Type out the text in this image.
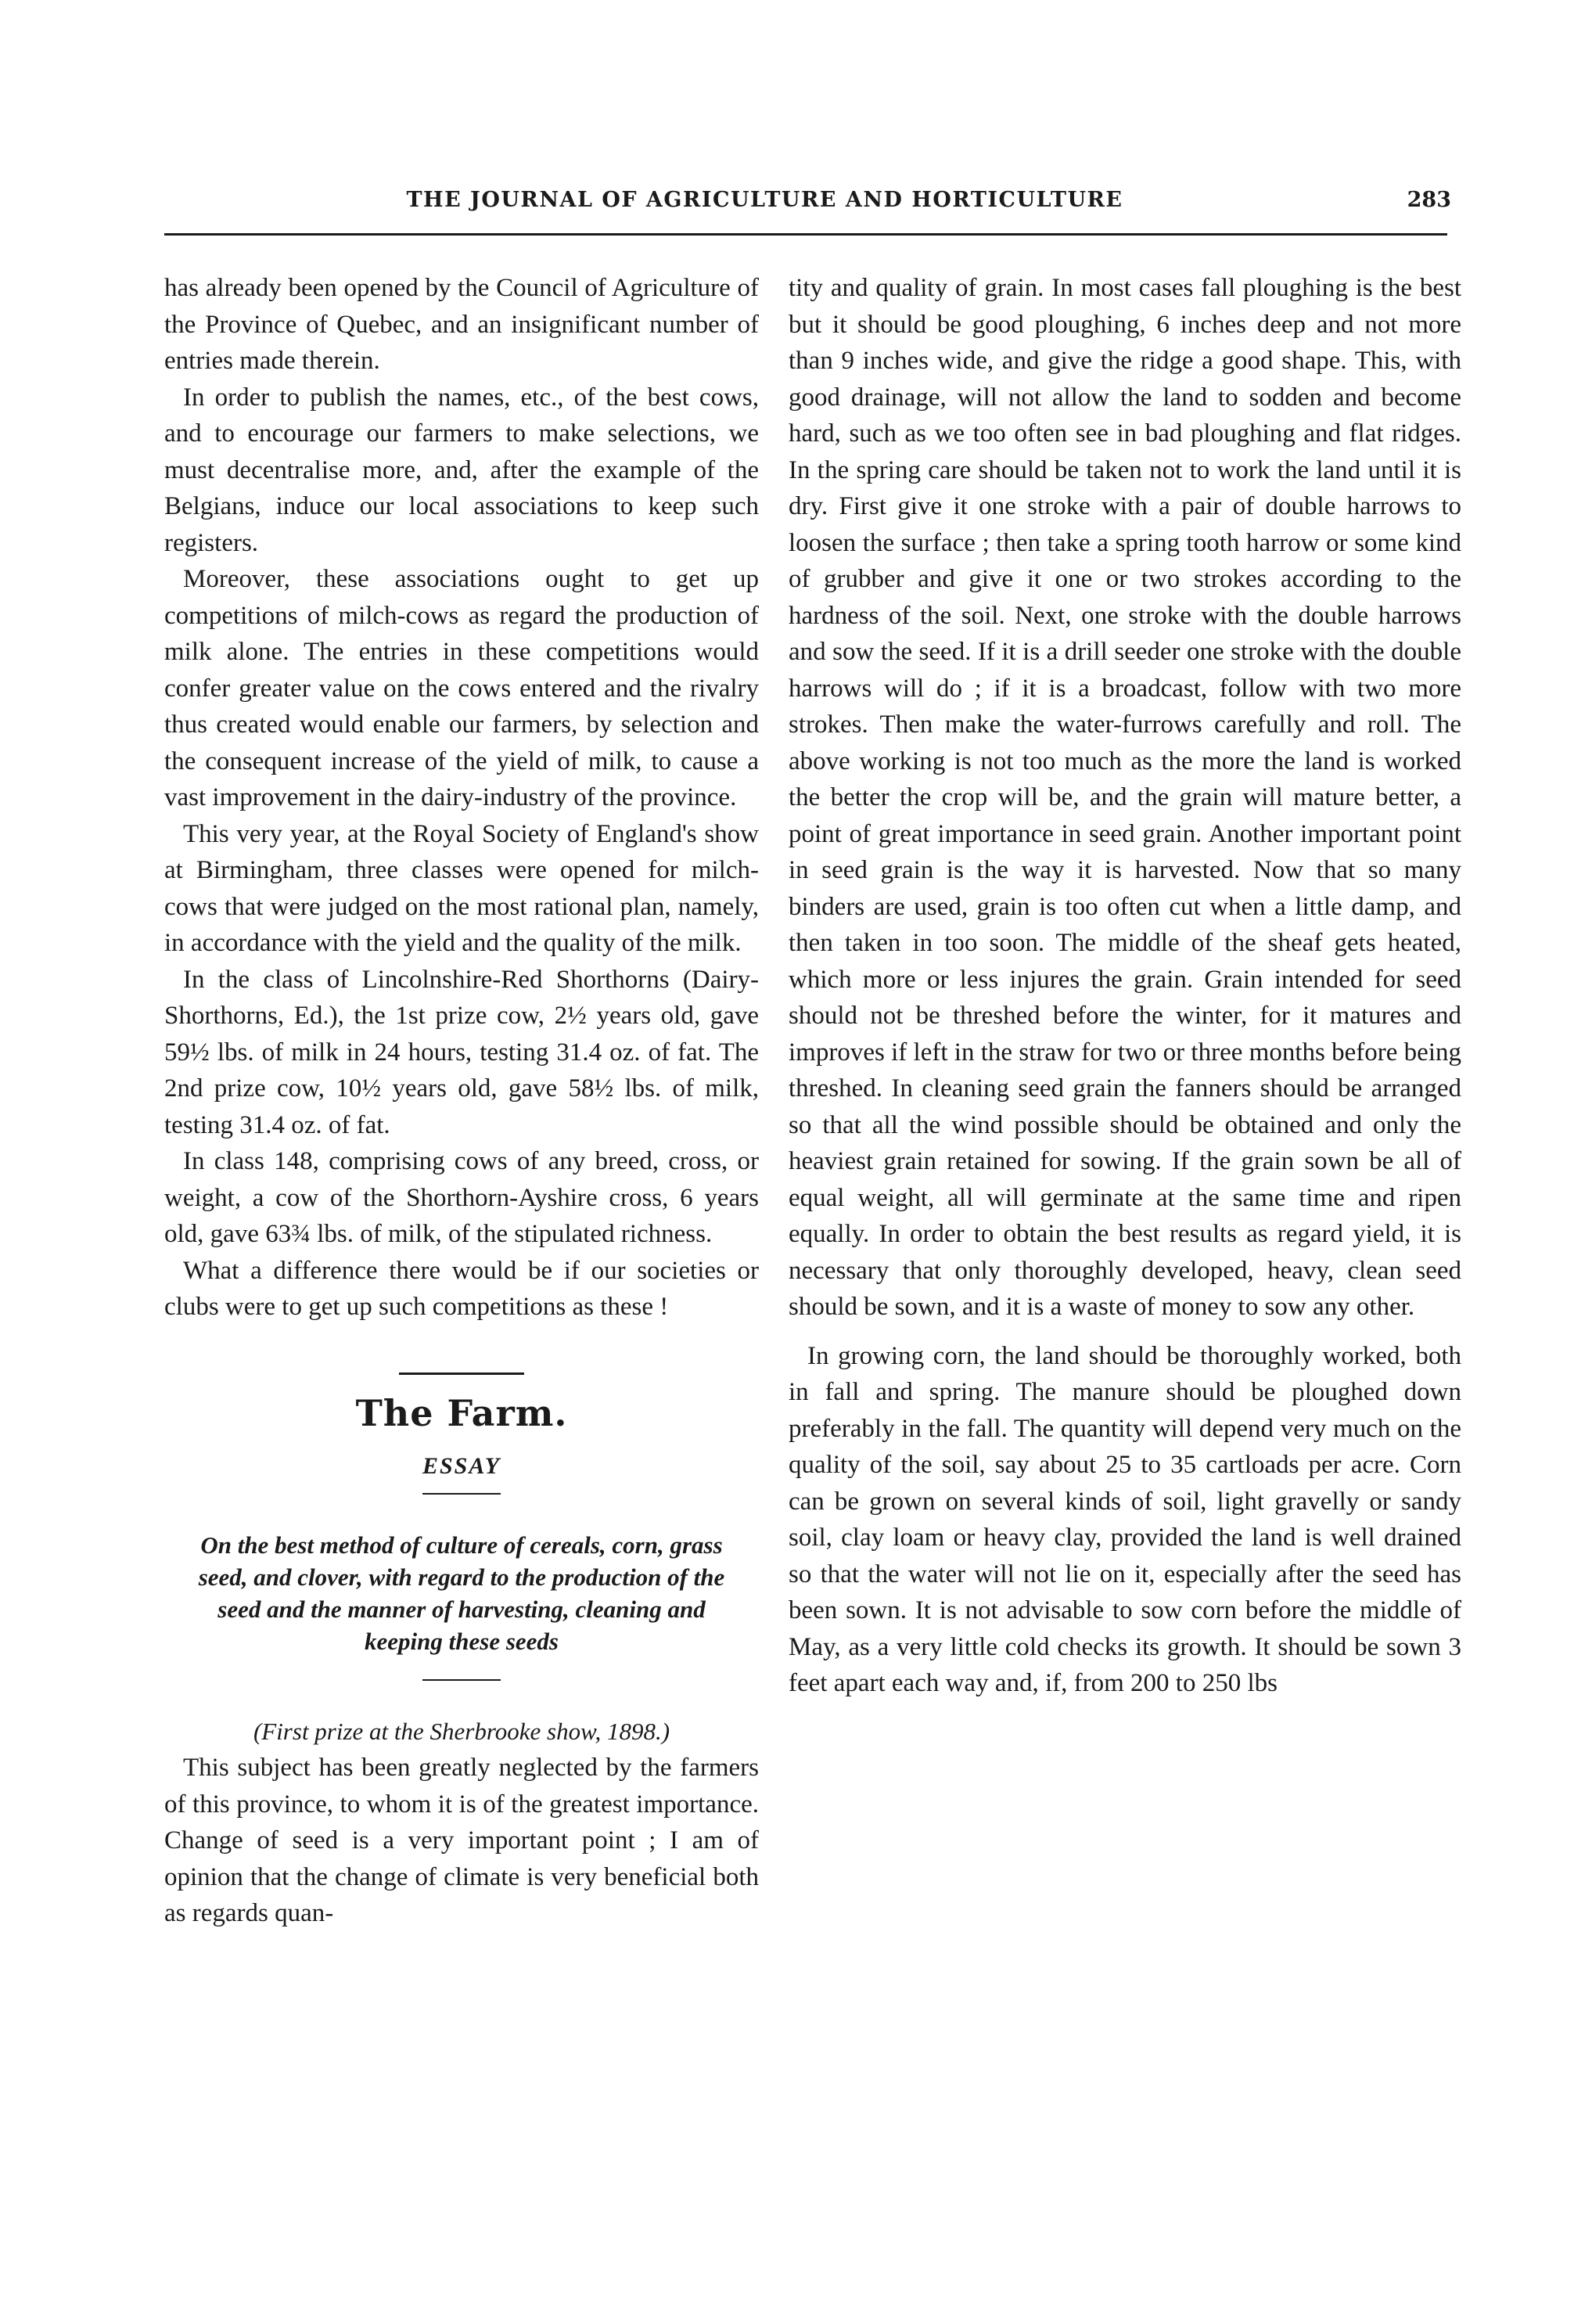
THE JOURNAL OF AGRICULTURE AND HORTICULTURE	283

has already been opened by the Council of Agriculture of the Province of Quebec, and an insignificant number of entries made therein.

In order to publish the names, etc., of the best cows, and to encourage our farmers to make selections, we must decentralise more, and, after the example of the Belgians, induce our local associations to keep such registers.

Moreover, these associations ought to get up competitions of milch-cows as regard the production of milk alone. The entries in these competitions would confer greater value on the cows entered and the rivalry thus created would enable our farmers, by selection and the consequent increase of the yield of milk, to cause a vast improvement in the dairy-industry of the province.

This very year, at the Royal Society of England's show at Birmingham, three classes were opened for milch-cows that were judged on the most rational plan, namely, in accordance with the yield and the quality of the milk.

In the class of Lincolnshire-Red Shorthorns (Dairy-Shorthorns, Ed.), the 1st prize cow, 2½ years old, gave 59½ lbs. of milk in 24 hours, testing 31.4 oz. of fat. The 2nd prize cow, 10½ years old, gave 58½ lbs. of milk, testing 31.4 oz. of fat.

In class 148, comprising cows of any breed, cross, or weight, a cow of the Shorthorn-Ayshire cross, 6 years old, gave 63¾ lbs. of milk, of the stipulated richness.

What a difference there would be if our societies or clubs were to get up such competitions as these !

The Farm.
ESSAY
On the best method of culture of cereals, corn, grass seed, and clover, with regard to the production of the seed and the manner of harvesting, cleaning and keeping these seeds
(First prize at the Sherbrooke show, 1898.)

This subject has been greatly neglected by the farmers of this province, to whom it is of the greatest importance. Change of seed is a very important point ; I am of opinion that the change of climate is very beneficial both as regards quan-

tity and quality of grain. In most cases fall ploughing is the best but it should be good ploughing, 6 inches deep and not more than 9 inches wide, and give the ridge a good shape. This, with good drainage, will not allow the land to sodden and become hard, such as we too often see in bad ploughing and flat ridges. In the spring care should be taken not to work the land until it is dry. First give it one stroke with a pair of double harrows to loosen the surface ; then take a spring tooth harrow or some kind of grubber and give it one or two strokes according to the hardness of the soil. Next, one stroke with the double harrows and sow the seed. If it is a drill seeder one stroke with the double harrows will do ; if it is a broadcast, follow with two more strokes. Then make the water-furrows carefully and roll. The above working is not too much as the more the land is worked the better the crop will be, and the grain will mature better, a point of great importance in seed grain. Another important point in seed grain is the way it is harvested. Now that so many binders are used, grain is too often cut when a little damp, and then taken in too soon. The middle of the sheaf gets heated, which more or less injures the grain. Grain intended for seed should not be threshed before the winter, for it matures and improves if left in the straw for two or three months before being threshed. In cleaning seed grain the fanners should be arranged so that all the wind possible should be obtained and only the heaviest grain retained for sowing. If the grain sown be all of equal weight, all will germinate at the same time and ripen equally. In order to obtain the best results as regard yield, it is necessary that only thoroughly developed, heavy, clean seed should be sown, and it is a waste of money to sow any other.

In growing corn, the land should be thoroughly worked, both in fall and spring. The manure should be ploughed down preferably in the fall. The quantity will depend very much on the quality of the soil, say about 25 to 35 cartloads per acre. Corn can be grown on several kinds of soil, light gravelly or sandy soil, clay loam or heavy clay, provided the land is well drained so that the water will not lie on it, especially after the seed has been sown. It is not advisable to sow corn before the middle of May, as a very little cold checks its growth. It should be sown 3 feet apart each way and, if, from 200 to 250 lbs
